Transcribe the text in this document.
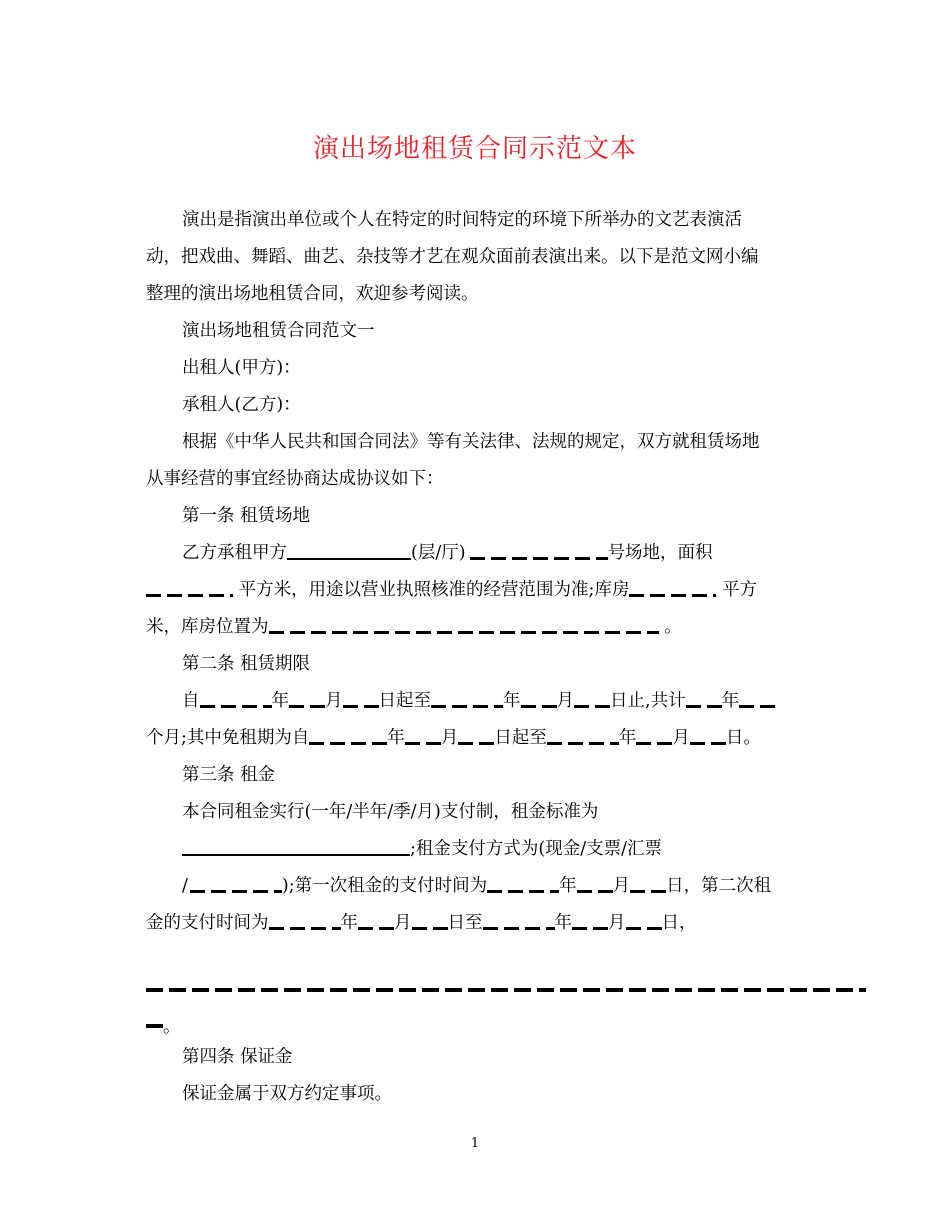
演出场地租赁合同示范文本
演出是指演出单位或个人在特定的时间特定的环境下所举办的文艺表演活
动，把戏曲、舞蹈、曲艺、杂技等才艺在观众面前表演出来。以下是范文网小编
整理的演出场地租赁合同，欢迎参考阅读。
演出场地租赁合同范文一
出租人(甲方)：
承租人(乙方)：
根据《中华人民共和国合同法》等有关法律、法规的规定，双方就租赁场地
从事经营的事宜经协商达成协议如下：
第一条 租赁场地
乙方承租甲方	(层/厅)	号场地，面积
平方米，用途以营业执照核准的经营范围为准;库房	平方
米，库房位置为	。
第二条 租赁期限
自	年 月 日起至	年 月 日止,共计 年
个月;其中免租期为自	年 月 日起至	年 月 日。
第三条 租金
本合同租金实行(一年/半年/季/月)支付制，租金标准为
;租金支付方式为(现金/支票/汇票
/	);第一次租金的支付时间为	年 月 日，第二次租
金的支付时间为	年 月 日至	年 月 日，
。
第四条 保证金
保证金属于双方约定事项。
1
